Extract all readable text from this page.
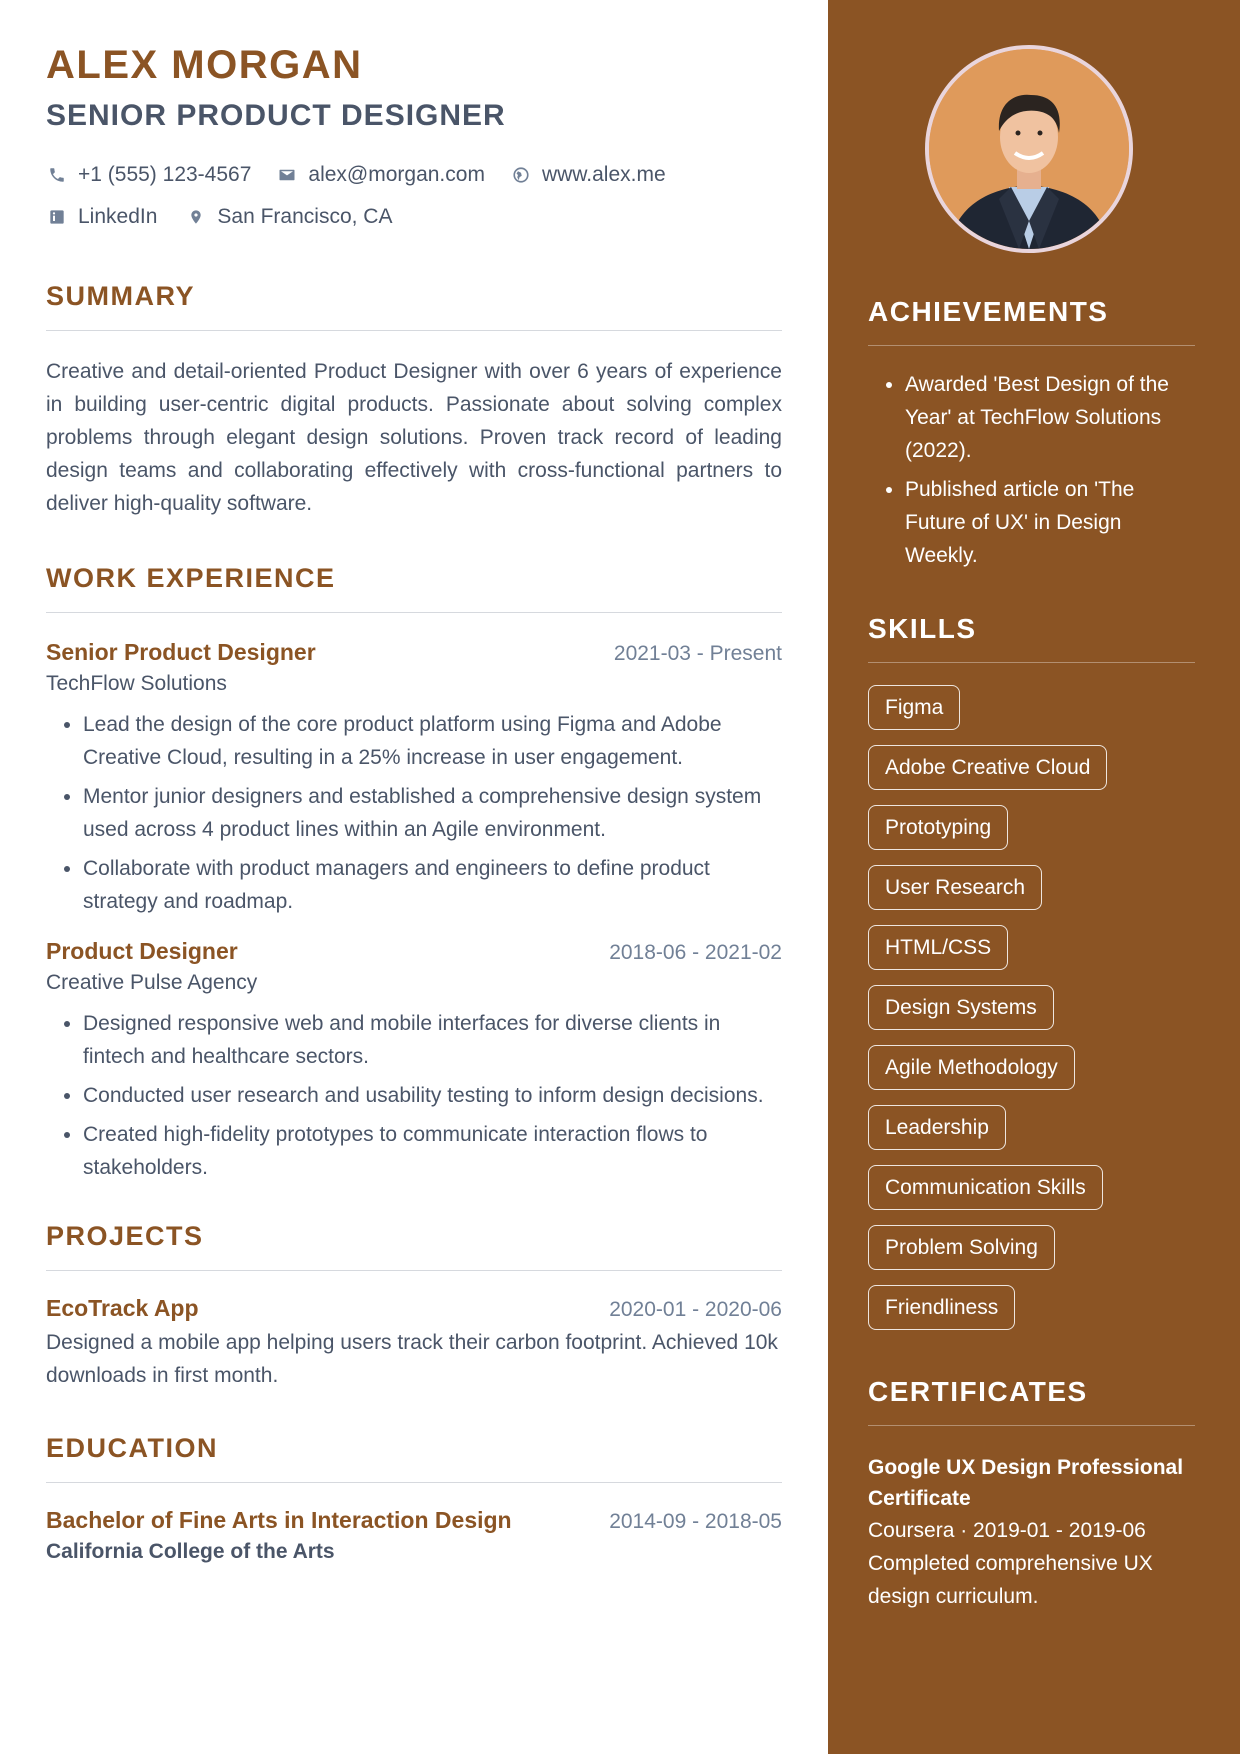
ALEX MORGAN
SENIOR PRODUCT DESIGNER
+1 (555) 123-4567	alex@morgan.com	www.alex.me
LinkedIn	San Francisco, CA
SUMMARY

Creative and detail-oriented Product Designer with over 6 years of experience in building user-centric digital products. Passionate about solving complex problems through elegant design solutions. Proven track record of leading design teams and collaborating effectively with cross-functional partners to deliver high-quality software.

WORK EXPERIENCE
Senior Product Designer	2021-03 - Present
TechFlow Solutions
• Lead the design of the core product platform using Figma and Adobe Creative Cloud, resulting in a 25% increase in user engagement.
• Mentor junior designers and established a comprehensive design system used across 4 product lines within an Agile environment.
• Collaborate with product managers and engineers to define product strategy and roadmap.
Product Designer	2018-06 - 2021-02
Creative Pulse Agency
• Designed responsive web and mobile interfaces for diverse clients in fintech and healthcare sectors.
• Conducted user research and usability testing to inform design decisions.
• Created high-fidelity prototypes to communicate interaction flows to stakeholders.
PROJECTS
EcoTrack App	2020-01 - 2020-06
Designed a mobile app helping users track their carbon footprint. Achieved 10k downloads in first month.
EDUCATION
Bachelor of Fine Arts in Interaction Design	2014-09 - 2018-05
California College of the Arts
ACHIEVEMENTS
• Awarded 'Best Design of the Year' at TechFlow Solutions (2022).
• Published article on 'The Future of UX' in Design Weekly.
SKILLS
Figma
Adobe Creative Cloud
Prototyping
User Research
HTML/CSS
Design Systems
Agile Methodology
Leadership
Communication Skills
Problem Solving
Friendliness
CERTIFICATES
Google UX Design Professional Certificate
Coursera · 2019-01 - 2019-06
Completed comprehensive UX design curriculum.
